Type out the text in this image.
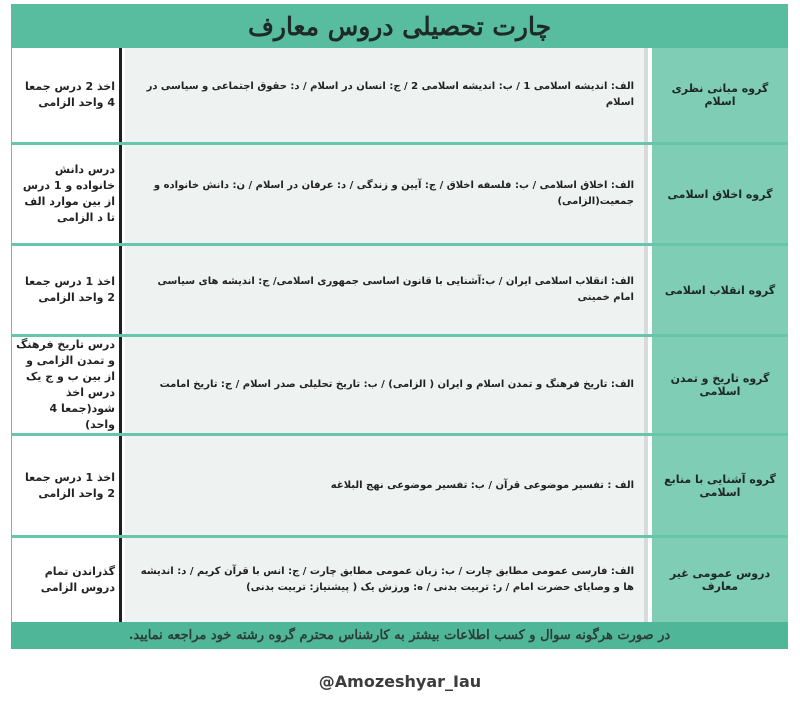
چارت تحصیلی دروس معارف
اخذ 2 درس جمعا 4 واحد الزامی
الف: اندیشه اسلامی 1 / ب: اندیشه اسلامی 2 / ج: انسان در اسلام / د: حقوق اجتماعی و سیاسی در اسلام
گروه مبانی نظری اسلام
درس دانش خانواده و 1 درس از بین موارد الف تا د الزامی
الف: اخلاق اسلامی / ب: فلسفه اخلاق / ج: آیین و زندگی / د: عرفان در اسلام / ن: دانش خانواده و جمعیت(الزامی)
گروه اخلاق اسلامی
اخذ 1 درس جمعا 2 واحد الزامی
الف: انقلاب اسلامی ایران / ب:آشنایی با قانون اساسی جمهوری اسلامی/ ج: اندیشه های سیاسی امام خمینی
گروه انقلاب اسلامی
درس تاریخ فرهنگ و تمدن الزامی و از بین ب و ج یک درس اخذ شود(جمعا 4 واحد)
الف: تاریخ فرهنگ و تمدن اسلام و ایران ( الزامی) / ب: تاریخ تحلیلی صدر اسلام / ج: تاریخ امامت	گروه تاریخ و تمدن اسلامی
اخذ 1 درس جمعا 2 واحد الزامی
الف : تفسیر موضوعی قرآن / ب: تفسیر موضوعی نهج البلاغه	گروه آشنایی با منابع اسلامی
گذراندن تمام دروس الزامی
الف: فارسی عمومی مطابق چارت / ب: زبان عمومی مطابق چارت / ج: انس با قرآن کریم / د: اندیشه ها و وصایای حضرت امام / ر: تربیت بدنی / ه: ورزش یک ( پیشنیاز: تربیت بدنی)
دروس عمومی غیر معارف
در صورت هرگونه سوال و کسب اطلاعات بیشتر به کارشناس محترم گروه رشته خود مراجعه نمایید.
@Amozeshyar_Iau
